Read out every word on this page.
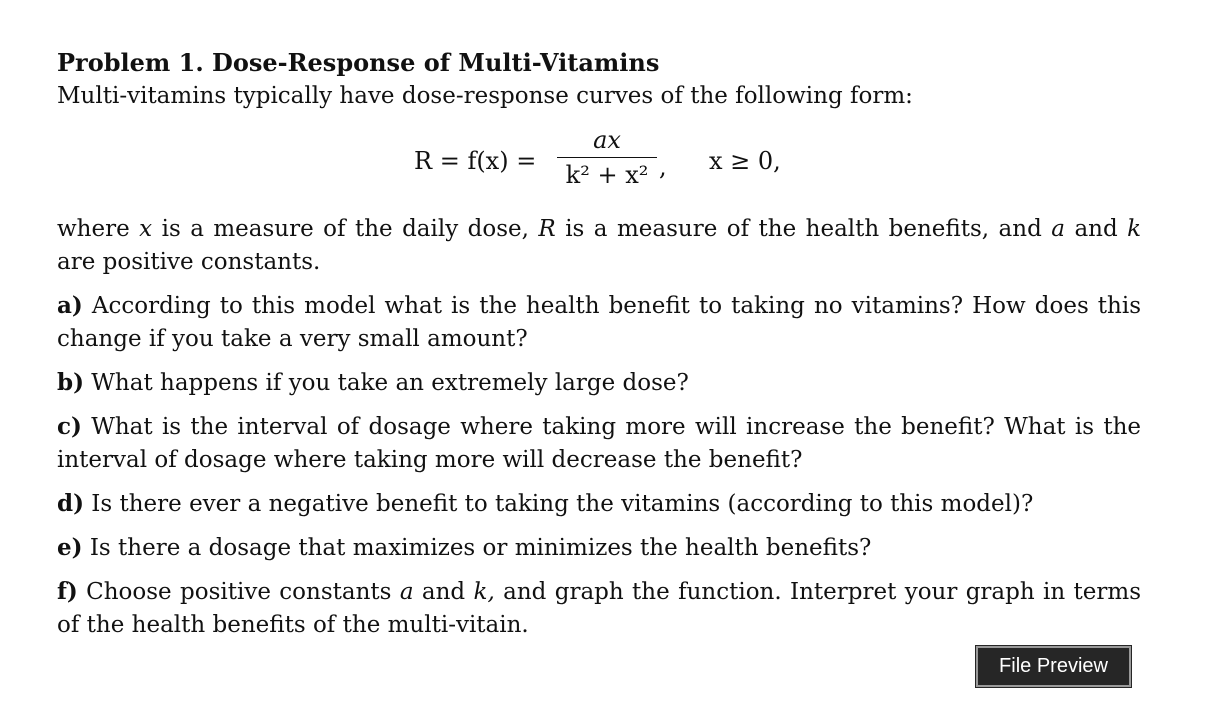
Problem 1. Dose-Response of Multi-Vitamins

Multi-vitamins typically have dose-response curves of the following form:

R = f(x) =
ax
k² + x² , x ≥ 0,

where x is a measure of the daily dose, R is a measure of the health benefits, and a and k are positive constants.

a) According to this model what is the health benefit to taking no vitamins? How does this change if you take a very small amount?

b) What happens if you take an extremely large dose?

c) What is the interval of dosage where taking more will increase the benefit? What is the interval of dosage where taking more will decrease the benefit?

d) Is there ever a negative benefit to taking the vitamins (according to this model)?

e) Is there a dosage that maximizes or minimizes the health benefits?

f) Choose positive constants a and k, and graph the function. Interpret your graph in terms of the health benefits of the multi-vitain.

File Preview
